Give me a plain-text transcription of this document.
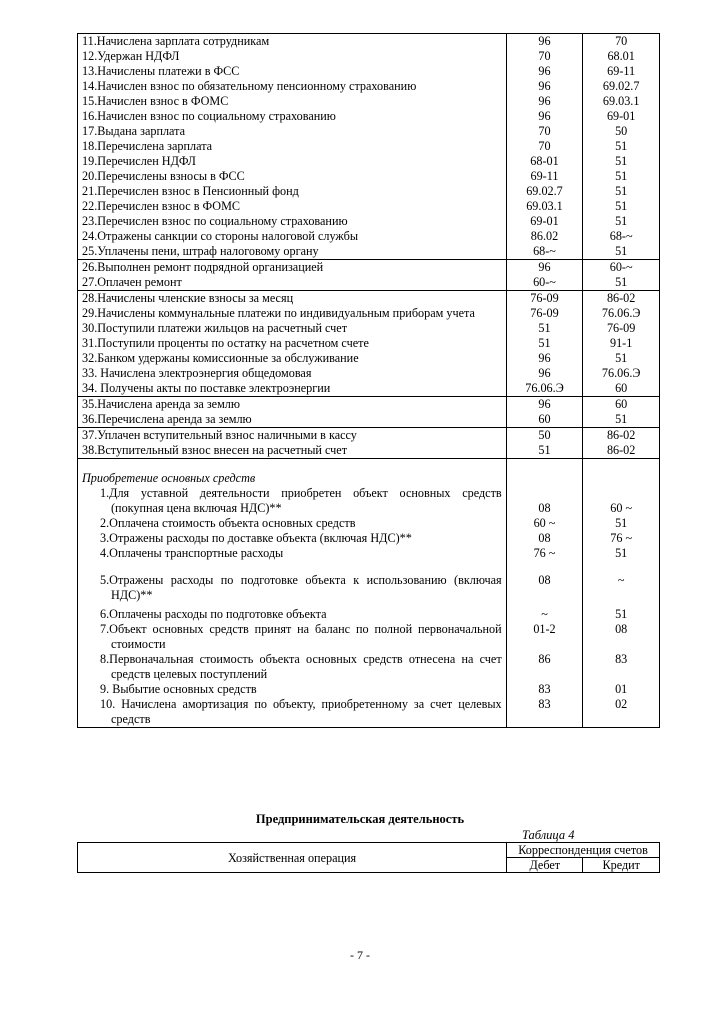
11.Начислена зарплата сотрудникам	96	70
12.Удержан НДФЛ	70	68.01
13.Начислены платежи в ФСС	96	69-11
14.Начислен взнос по обязательному пенсионному страхованию	96	69.02.7
15.Начислен взнос в ФОМС	96	69.03.1
16.Начислен взнос по социальному страхованию	96	69-01
17.Выдана зарплата	70	50
18.Перечислена зарплата	70	51
19.Перечислен НДФЛ	68-01	51
20.Перечислены взносы в ФСС	69-11	51
21.Перечислен взнос в Пенсионный фонд	69.02.7	51
22.Перечислен взнос в ФОМС	69.03.1	51
23.Перечислен взнос по социальному страхованию	69-01	51
24.Отражены санкции со стороны налоговой службы	86.02	68-~
25.Уплачены пени, штраф налоговому органу	68-~	51
26.Выполнен ремонт подрядной организацией	96	60-~
27.Оплачен ремонт	60-~	51
28.Начислены членские взносы за месяц	76-09	86-02
29.Начислены коммунальные платежи по индивидуальным приборам учета	76-09	76.06.Э
30.Поступили платежи жильцов на расчетный счет	51	76-09
31.Поступили проценты по остатку на расчетном счете	51	91-1
32.Банком удержаны комиссионные за обслуживание	96	51
33. Начислена электроэнергия общедомовая	96	76.06.Э
34. Получены акты по поставке электроэнергии	76.06.Э	60
35.Начислена аренда за землю	96	60
36.Перечислена аренда за землю	60	51
37.Уплачен вступительный взнос наличными в кассу	50	86-02
38.Вступительный взнос внесен на расчетный счет	51	86-02

Приобретение основных средств		

1.Для уставной деятельности приобретен объект основных средств (покупная цена включая НДС)**	08	60 ~

2.Оплачена стоимость объекта основных средств	60 ~	51

3.Отражены расходы по доставке объекта (включая НДС)**	08	76 ~

4.Оплачены транспортные расходы	76 ~	51

5.Отражены расходы по подготовке объекта к использованию (включая НДС)**	08	~

6.Оплачены расходы по подготовке объекта	~	51

7.Объект основных средств принят на баланс по полной первоначальной стоимости	01-2	08

8.Первоначальная стоимость объекта основных средств отнесена на счет средств целевых поступлений	86	83

9. Выбытие основных средств	83	01

10. Начислена амортизация по объекту, приобретенному за счет целевых средств	83	02
Предпринимательская деятельность
Таблица 4
Хозяйственная операция	Корреспонденция счетов	
	Дебет	Кредит
- 7 -
